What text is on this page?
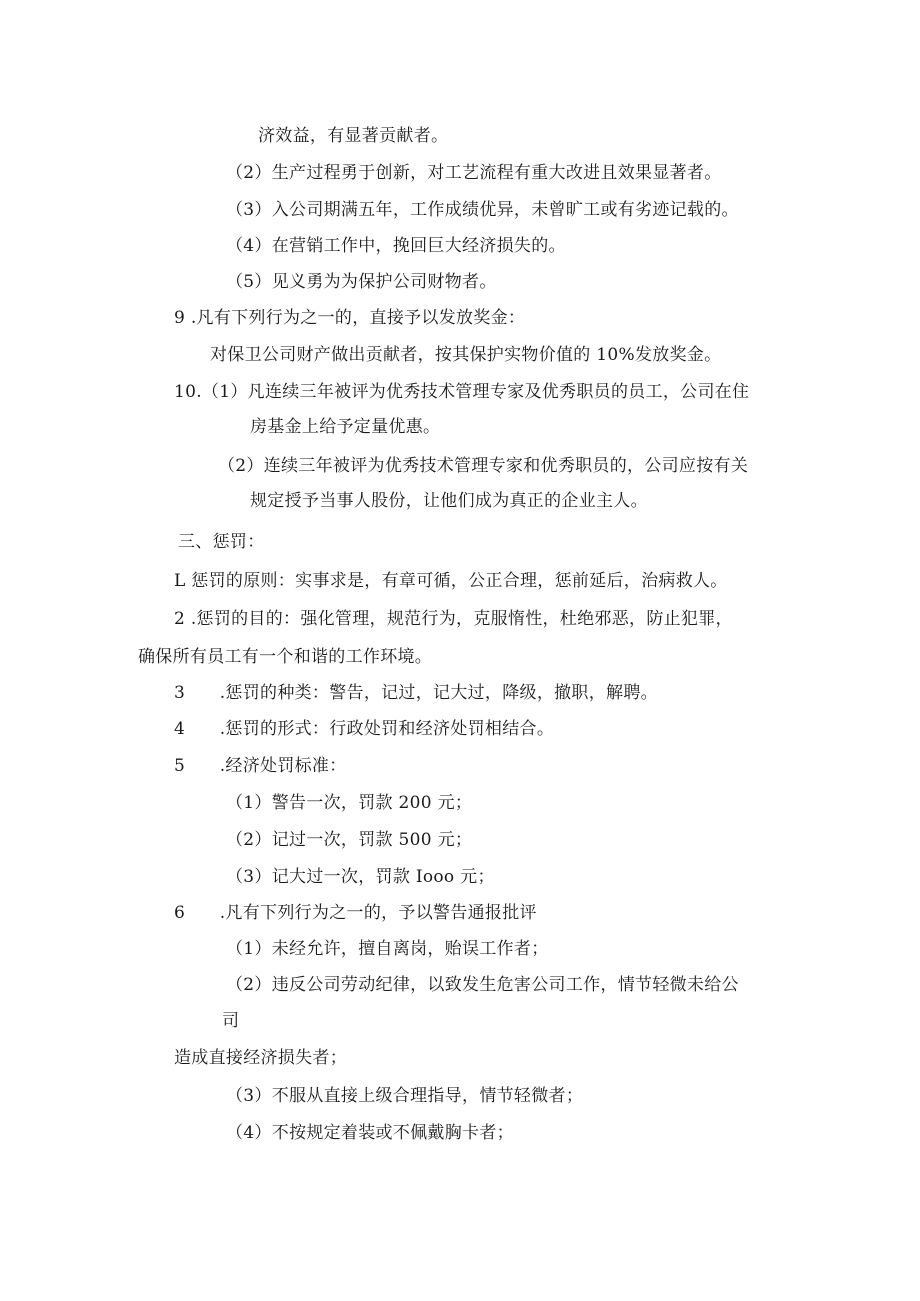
济效益，有显著贡献者。
（2）生产过程勇于创新，对工艺流程有重大改进且效果显著者。
（3）入公司期满五年，工作成绩优异，未曾旷工或有劣迹记载的。
（4）在营销工作中，挽回巨大经济损失的。
（5）见义勇为为保护公司财物者。
9 .凡有下列行为之一的，直接予以发放奖金：
对保卫公司财产做出贡献者，按其保护实物价值的 10%发放奖金。
10.（1）凡连续三年被评为优秀技术管理专家及优秀职员的员工，公司在住
房基金上给予定量优惠。
（2）连续三年被评为优秀技术管理专家和优秀职员的，公司应按有关
规定授予当事人股份，让他们成为真正的企业主人。
三、惩罚：
L 惩罚的原则：实事求是，有章可循，公正合理，惩前延后，治病救人。
2 .惩罚的目的：强化管理，规范行为，克服惰性，杜绝邪恶，防止犯罪，
确保所有员工有一个和谐的工作环境。
3　　.惩罚的种类：警告，记过，记大过，降级，撤职，解聘。
4　　.惩罚的形式：行政处罚和经济处罚相结合。
5　　.经济处罚标准：
（1）警告一次，罚款 200 元；
（2）记过一次，罚款 500 元；
（3）记大过一次，罚款 Iooo 元；
6　　.凡有下列行为之一的，予以警告通报批评
（1）未经允许，擅自离岗，贻误工作者；
（2）违反公司劳动纪律，以致发生危害公司工作，情节轻微未给公
司
造成直接经济损失者；
（3）不服从直接上级合理指导，情节轻微者；
（4）不按规定着装或不佩戴胸卡者；
